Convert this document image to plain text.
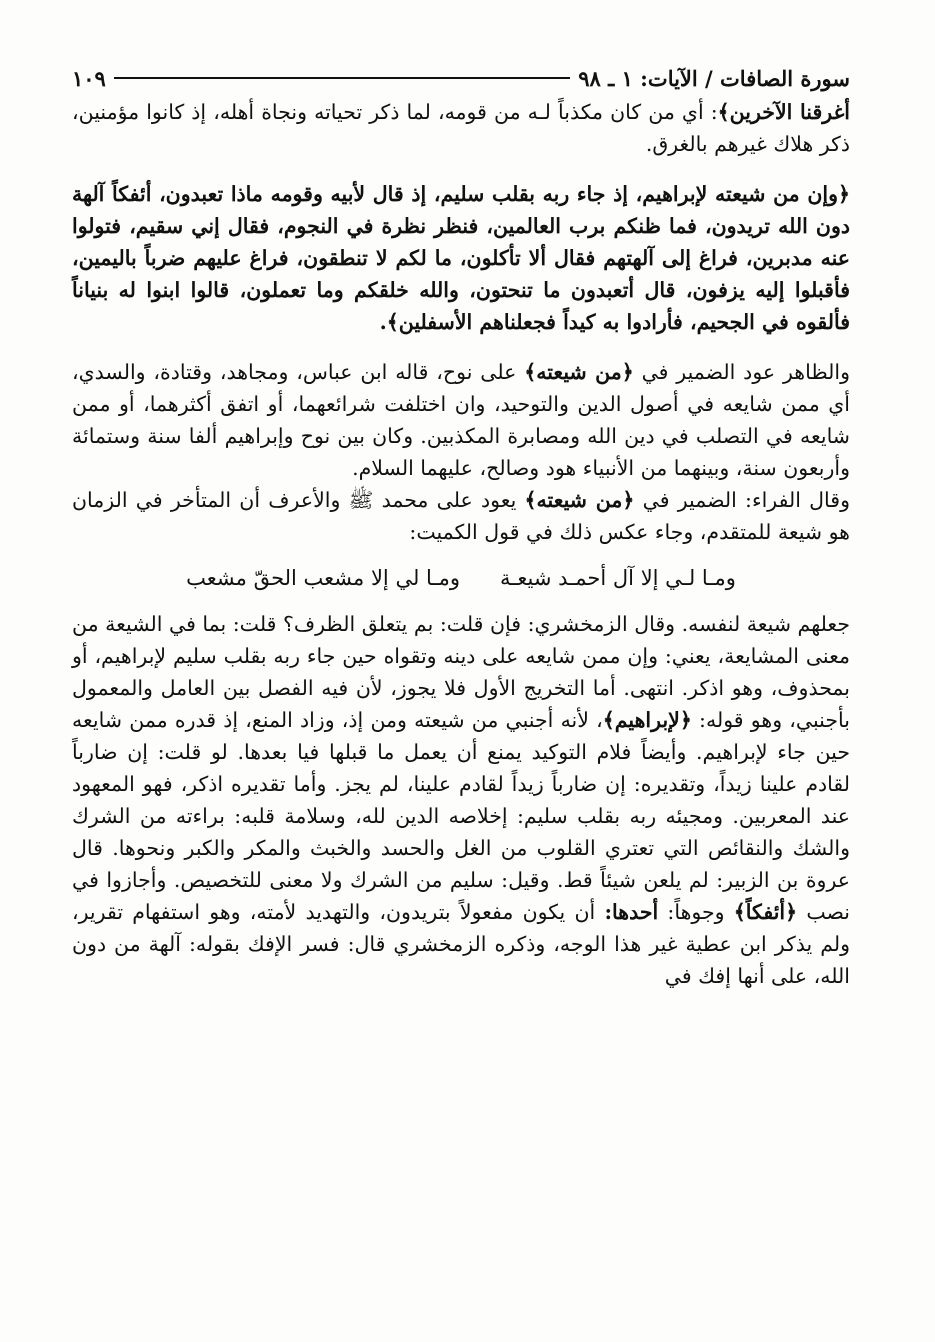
سورة الصافات / الآيات: ١ ـ ٩٨
١٠٩

أغرقنا الآخرين﴾: أي من كان مكذباً لـه من قومه، لما ذكر تحياته ونجاة أهله، إذ كانوا مؤمنين، ذكر هلاك غيرهم بالغرق.

﴿وإن من شيعته لإبراهيم، إذ جاء ربه بقلب سليم، إذ قال لأبيه وقومه ماذا تعبدون، أئفكاً آلهة دون الله تريدون، فما ظنكم برب العالمين، فنظر نظرة في النجوم، فقال إني سقيم، فتولوا عنه مدبرين، فراغ إلى آلهتهم فقال ألا تأكلون، ما لكم لا تنطقون، فراغ عليهم ضرباً باليمين، فأقبلوا إليه يزفون، قال أتعبدون ما تنحتون، والله خلقكم وما تعملون، قالوا ابنوا له بنياناً فألقوه في الجحيم، فأرادوا به كيداً فجعلناهم الأسفلين﴾.

والظاهر عود الضمير في ﴿من شيعته﴾ على نوح، قاله ابن عباس، ومجاهد، وقتادة، والسدي، أي ممن شايعه في أصول الدين والتوحيد، وان اختلفت شرائعهما، أو اتفق أكثرهما، أو ممن شايعه في التصلب في دين الله ومصابرة المكذبين. وكان بين نوح وإبراهيم ألفا سنة وستمائة وأربعون سنة، وبينهما من الأنبياء هود وصالح، عليهما السلام.

وقال الفراء: الضمير في ﴿من شيعته﴾ يعود على محمد ﷺ والأعرف أن المتأخر في الزمان هو شيعة للمتقدم، وجاء عكس ذلك في قول الكميت:

ومـا لـي إلا آل أحمـد شيعـة
ومـا لي إلا مشعب الحقّ مشعب

جعلهم شيعة لنفسه. وقال الزمخشري: فإن قلت: بم يتعلق الظرف؟ قلت: بما في الشيعة من معنى المشايعة، يعني: وإن ممن شايعه على دينه وتقواه حين جاء ربه بقلب سليم لإبراهيم، أو بمحذوف، وهو اذكر. انتهى. أما التخريج الأول فلا يجوز، لأن فيه الفصل بين العامل والمعمول بأجنبي، وهو قوله: ﴿لإبراهيم﴾، لأنه أجنبي من شيعته ومن إذ، وزاد المنع، إذ قدره ممن شايعه حين جاء لإبراهيم. وأيضاً فلام التوكيد يمنع أن يعمل ما قبلها فيا بعدها. لو قلت: إن ضارباً لقادم علينا زيداً، وتقديره: إن ضارباً زيداً لقادم علينا، لم يجز. وأما تقديره اذكر، فهو المعهود عند المعربين. ومجيئه ربه بقلب سليم: إخلاصه الدين لله، وسلامة قلبه: براءته من الشرك والشك والنقائص التي تعتري القلوب من الغل والحسد والخبث والمكر والكبر ونحوها. قال عروة بن الزبير: لم يلعن شيئاً قط. وقيل: سليم من الشرك ولا معنى للتخصيص. وأجازوا في نصب ﴿أئفكاً﴾ وجوهاً: أحدها: أن يكون مفعولاً بتريدون، والتهديد لأمته، وهو استفهام تقرير، ولم يذكر ابن عطية غير هذا الوجه، وذكره الزمخشري قال: فسر الإفك بقوله: آلهة من دون الله، على أنها إفك في
